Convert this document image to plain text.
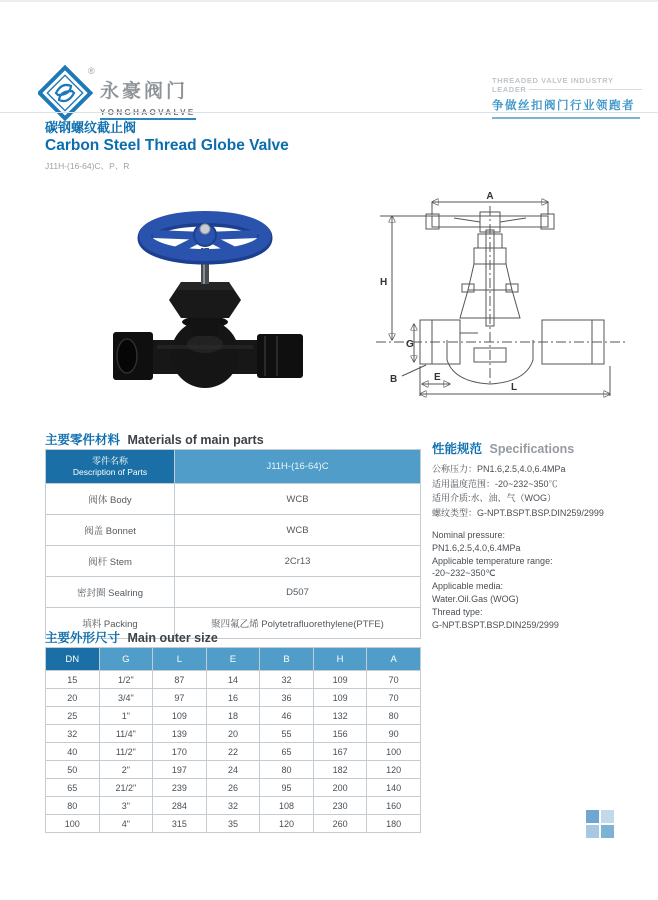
®
永豪阀门
THREADED VALVE INDUSTRY
LEADER
争做丝扣阀门行业领跑者
碳钢螺纹截止阀
Carbon Steel Thread Globe Valve
J11H-(16-64)C、P、R
A
H
G
B	E
L
主要零件材料 Materials of main parts
零件名称
Description of Parts	J11H-(16-64)C
阀体 Body	WCB
阀盖 Bonnet	WCB
阀杆 Stem	2Cr13
密封圈 Sealring	D507
填料 Packing	聚四氟乙烯 Polytetrafluorethylene(PTFE)
性能规范 Specifications
公称压力：PN1.6,2.5,4.0,6.4MPa
适用温度范围：-20~232~350℃
适用介质:水、油、气（WOG）
螺纹类型：G-NPT.BSPT.BSP.DIN259/2999
Nominal pressure:
PN1.6,2.5,4.0,6.4MPa
Applicable temperature range:
-20~232~350℃
Applicable media:
Water.Oil.Gas (WOG)
Thread type:
G-NPT.BSPT.BSP.DIN259/2999
主要外形尺寸 Main outer size
DN	G	L	E	B	H	A
15	1/2"	87	14	32	109	70
20	3/4"	97	16	36	109	70
25	1"	109	18	46	132	80
32	11/4"	139	20	55	156	90
40	11/2"	170	22	65	167	100
50	2"	197	24	80	182	120
65	21/2"	239	26	95	200	140
80	3"	284	32	108	230	160
100	4"	315	35	120	260	180
